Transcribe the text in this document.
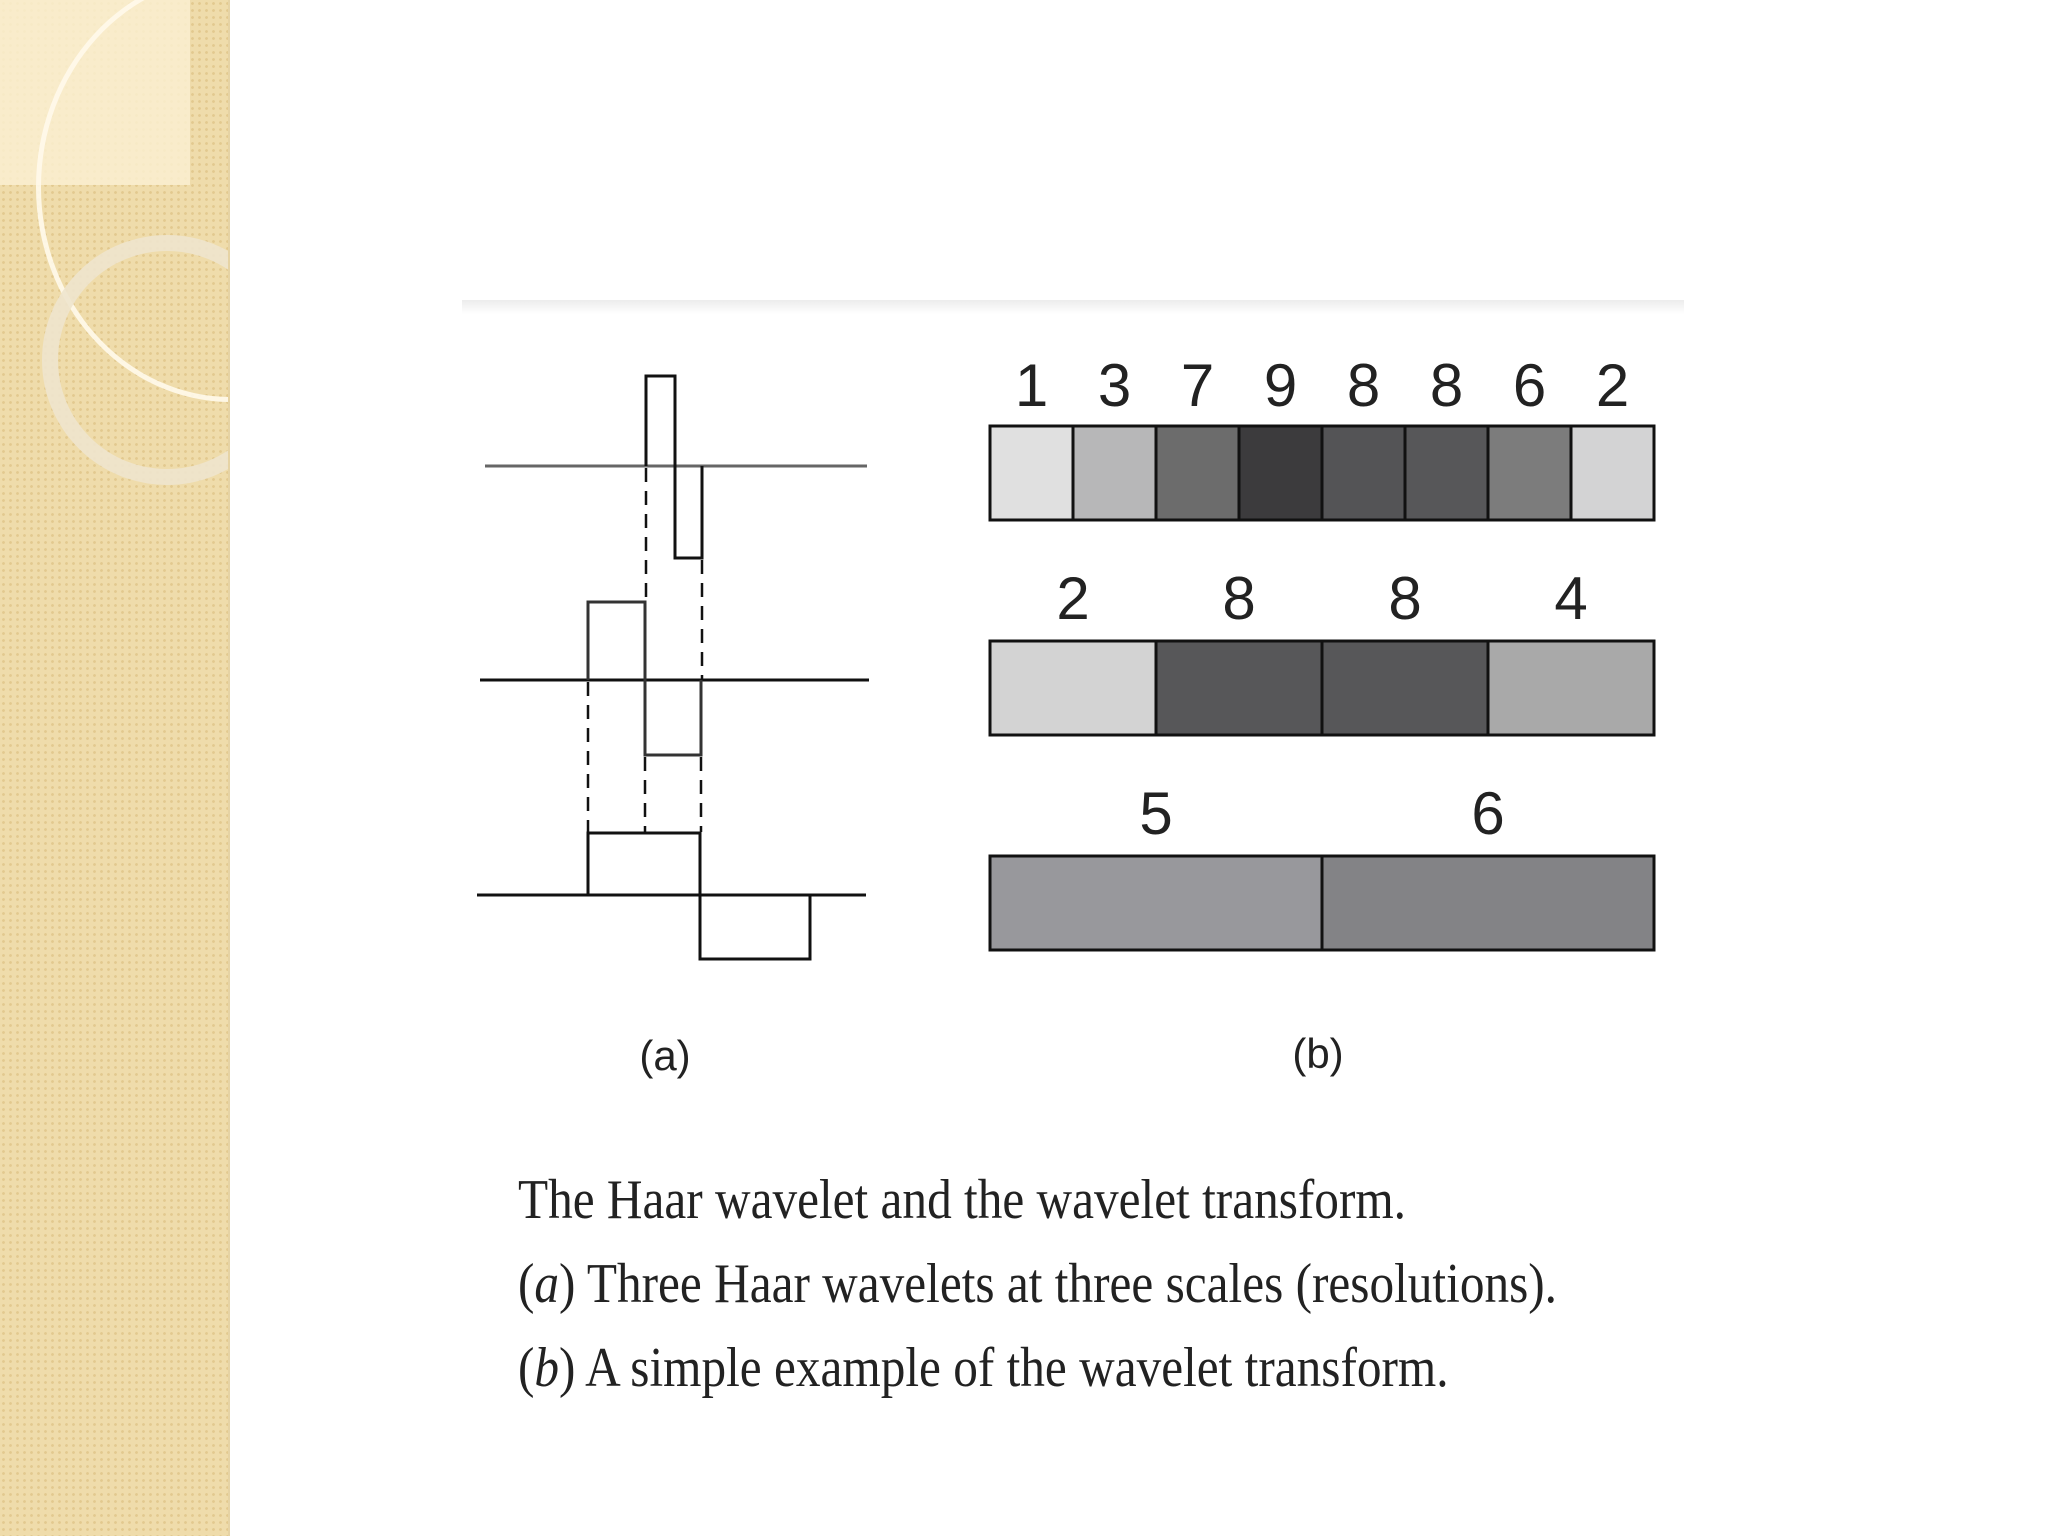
(a)
1 3 7 9 8 8 6 2
2 8 8 4
5	6
(b)
The Haar wavelet and the wavelet transform.
(a) Three Haar wavelets at three scales (resolutions).
(b) A simple example of the wavelet transform.
